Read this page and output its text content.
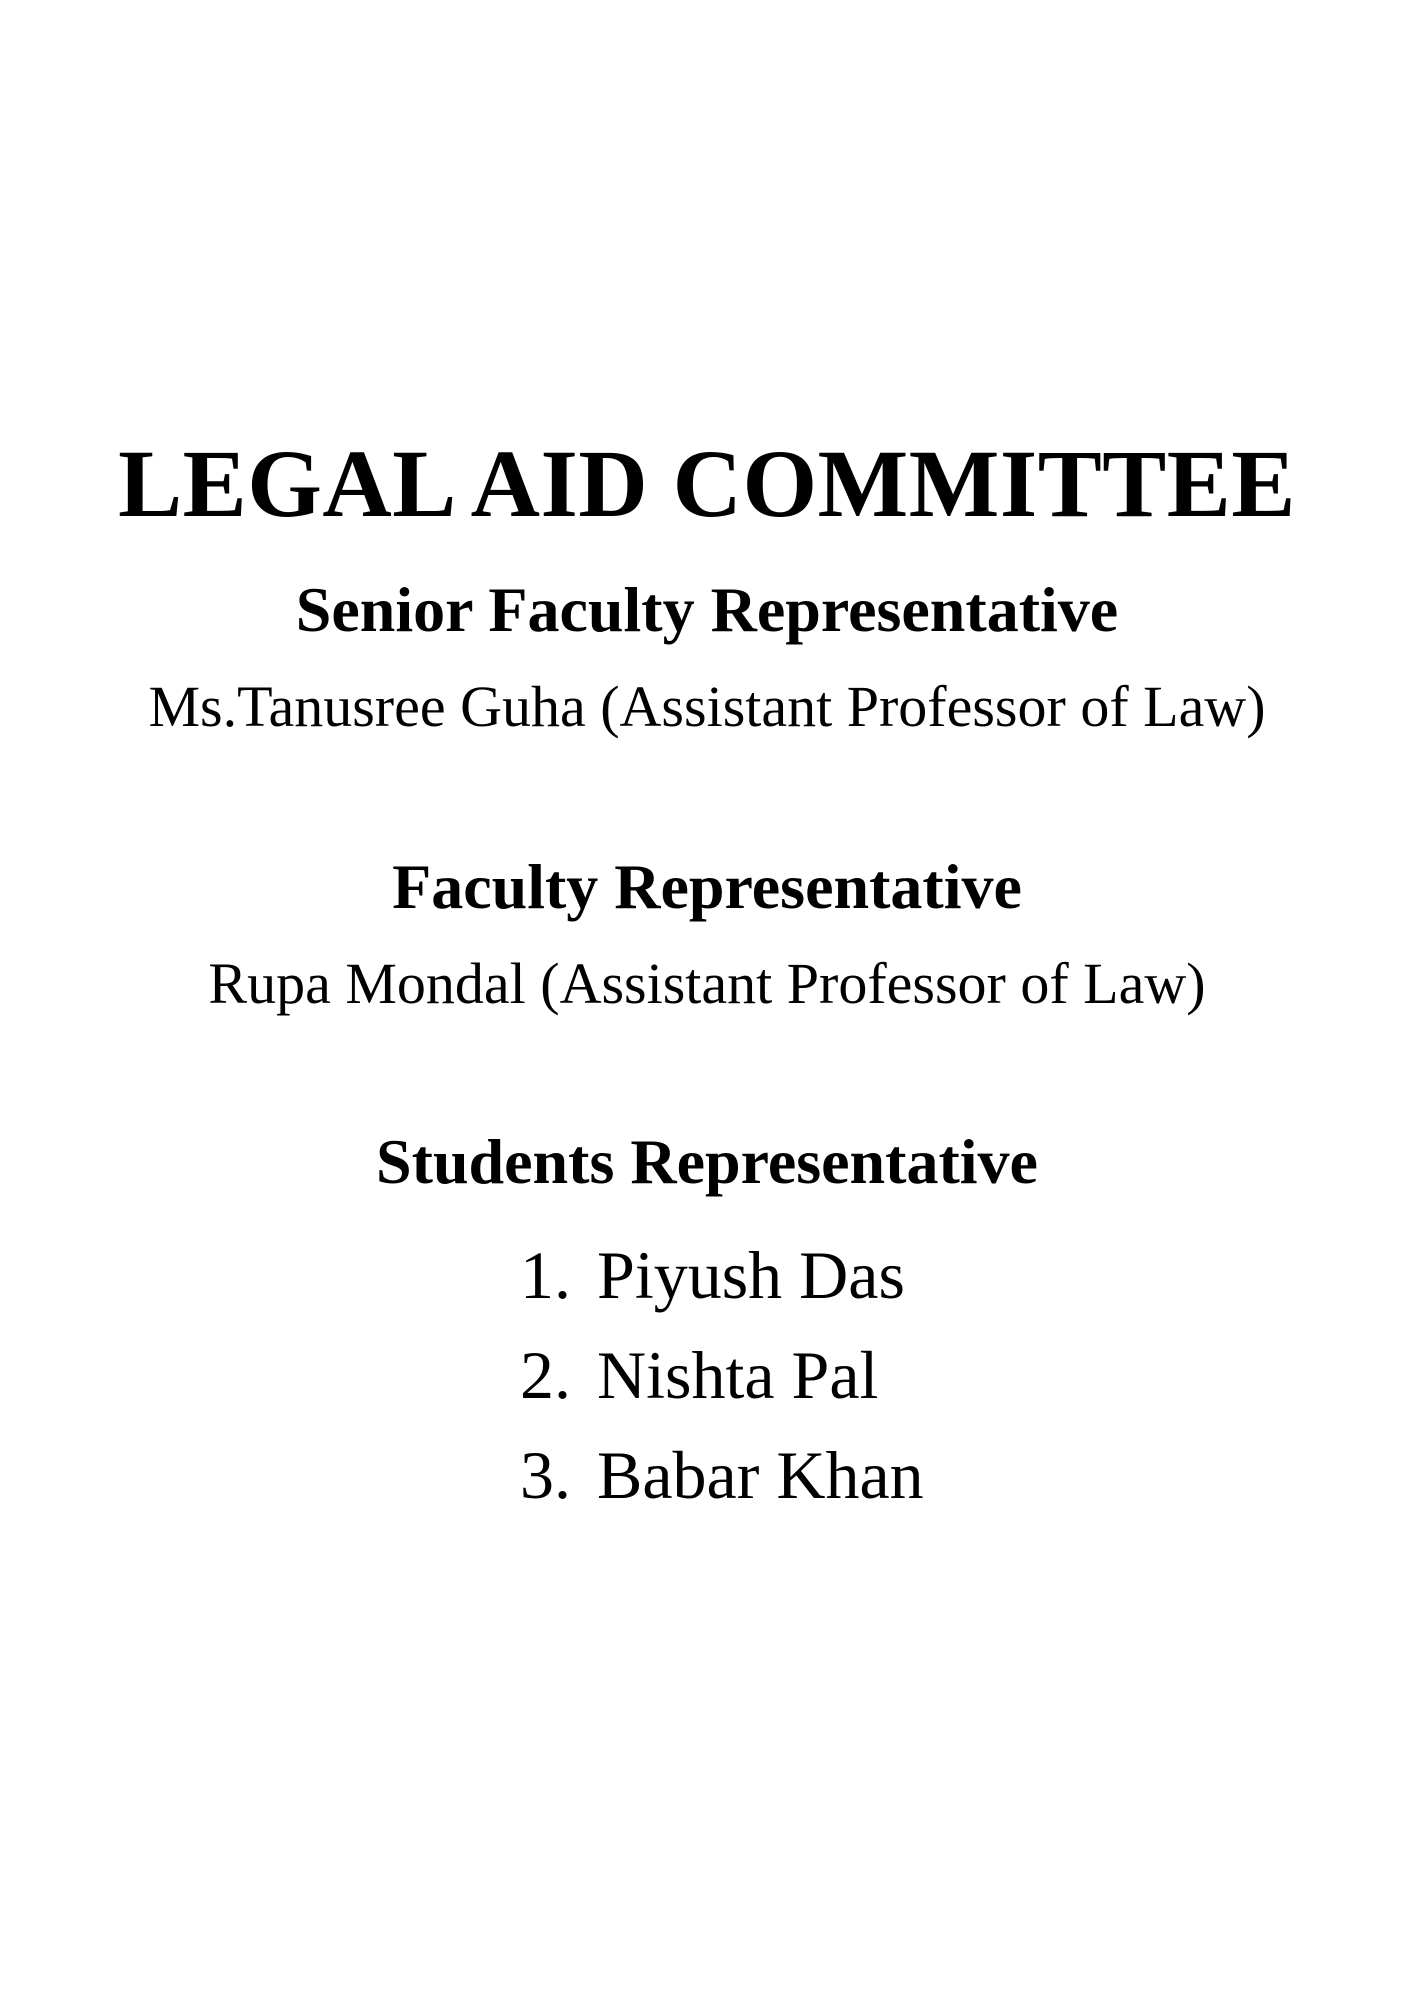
LEGAL AID COMMITTEE
Senior Faculty Representative
Ms.Tanusree Guha (Assistant Professor of Law)
Faculty Representative
Rupa Mondal (Assistant Professor of Law)
Students Representative
1. Piyush Das
2. Nishta Pal
3. Babar Khan
